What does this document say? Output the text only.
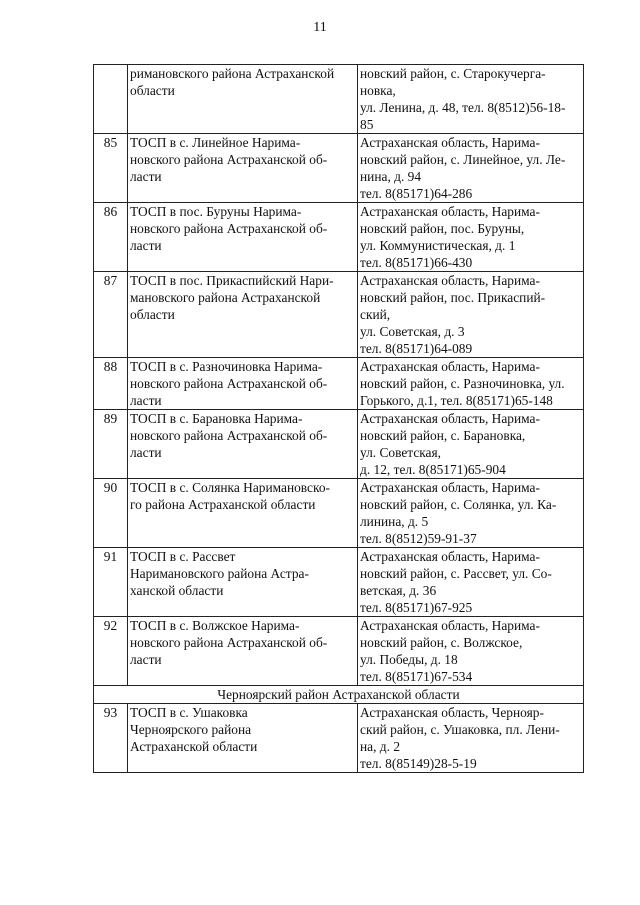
11

	римановского района Астраханской
области	новский район, с. Старокучерга-
новка,
ул. Ленина, д. 48, тел. 8(8512)56-18-
85

85	ТОСП в с. Линейное Нарима-
новского района Астраханской об-
ласти	Астраханская область, Нарима-
новский район, с. Линейное, ул. Ле-
нина, д. 94
тел. 8(85171)64-286

86	ТОСП в пос. Буруны Нарима-
новского района Астраханской об-
ласти	Астраханская область, Нарима-
новский район, пос. Буруны,
ул. Коммунистическая, д. 1
тел. 8(85171)66-430

87	ТОСП в пос. Прикаспийский Нари-
мановского района Астраханской
области	Астраханская область, Нарима-
новский район, пос. Прикаспий-
ский,
ул. Советская, д. 3
тел. 8(85171)64-089

88	ТОСП в с. Разночиновка Нарима-
новского района Астраханской об-
ласти	Астраханская область, Нарима-
новский район, с. Разночиновка, ул.
Горького, д.1, тел. 8(85171)65-148

89	ТОСП в с. Барановка Нарима-
новского района Астраханской об-
ласти	Астраханская область, Нарима-
новский район, с. Барановка,
ул. Советская,
д. 12, тел. 8(85171)65-904

90	ТОСП в с. Солянка Наримановско-
го района Астраханской области	Астраханская область, Нарима-
новский район, с. Солянка, ул. Ка-
линина, д. 5
тел. 8(8512)59-91-37

91	ТОСП в с. Рассвет
Наримановского района Астра-
ханской области	Астраханская область, Нарима-
новский район, с. Рассвет, ул. Со-
ветская, д. 36
тел. 8(85171)67-925

92	ТОСП в с. Волжское Нарима-
новского района Астраханской об-
ласти	Астраханская область, Нарима-
новский район, с. Волжское,
ул. Победы, д. 18
тел. 8(85171)67-534

Черноярский район Астраханской области		
93	ТОСП в с. Ушаковка
Черноярского района
Астраханской области	Астраханская область, Чернояр-
ский район, с. Ушаковка, пл. Лени-
на, д. 2
тел. 8(85149)28-5-19
